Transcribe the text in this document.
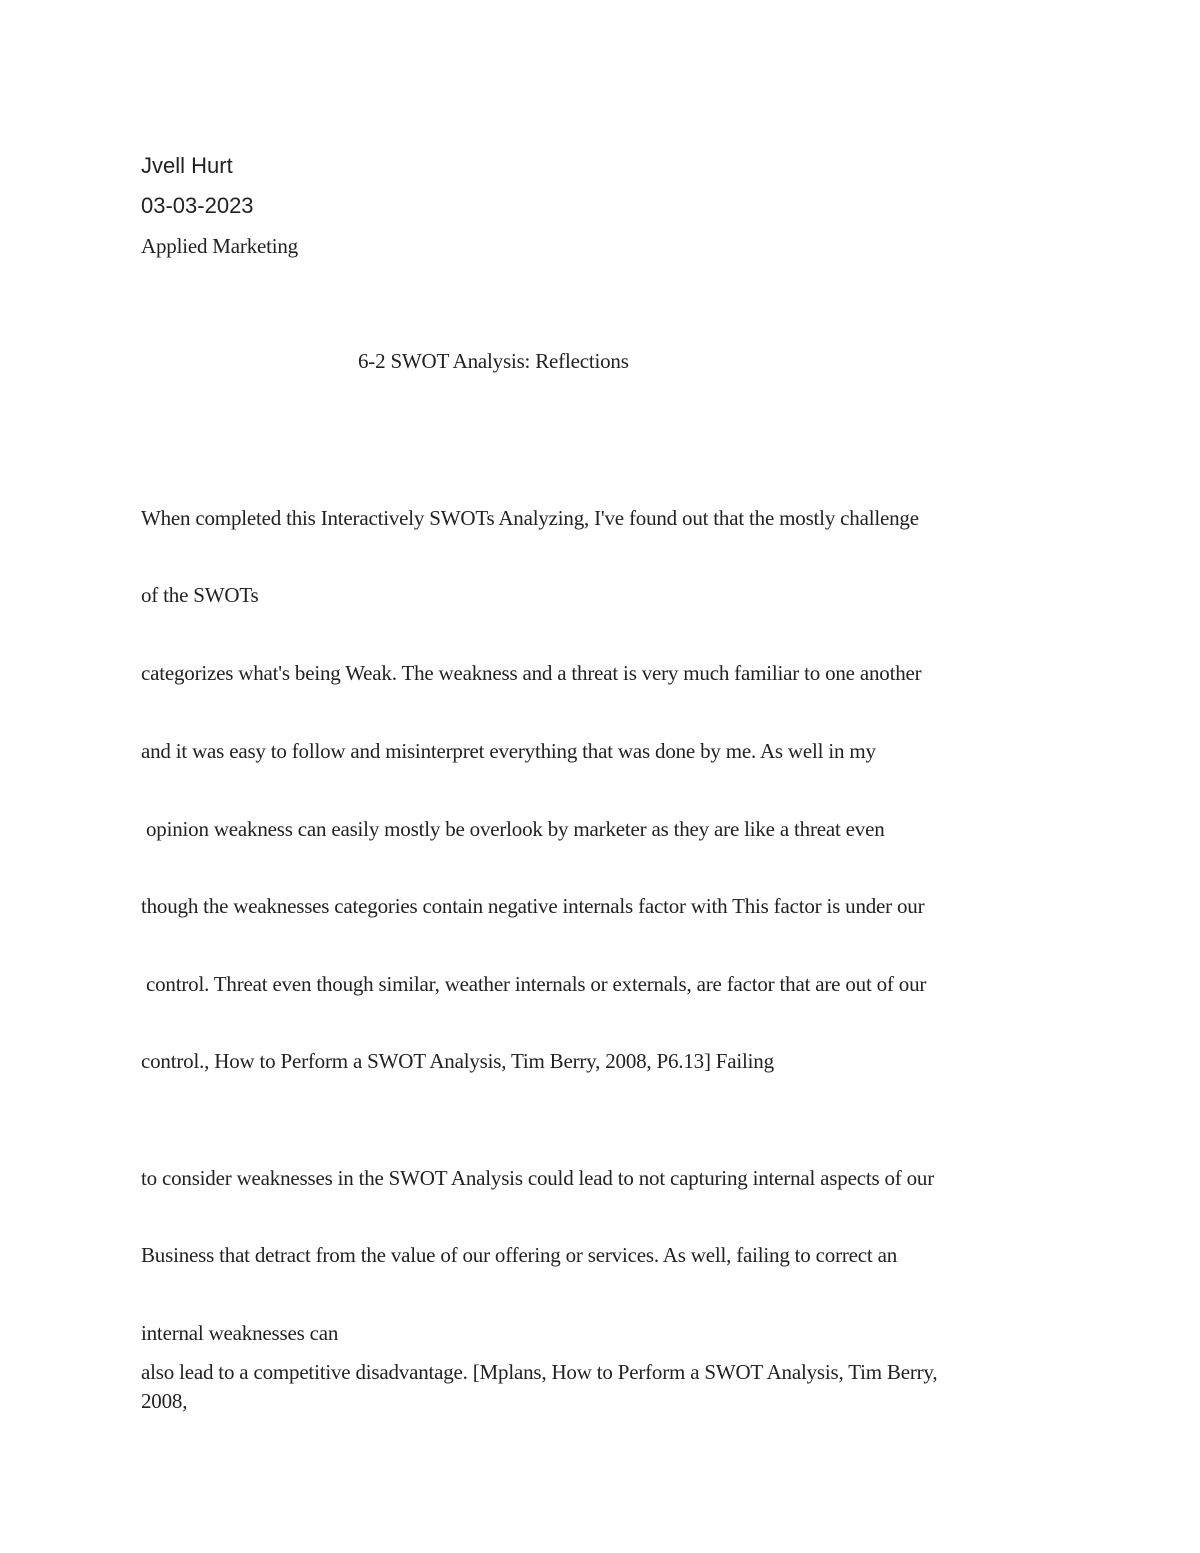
Jvell Hurt
03-03-2023
Applied Marketing
6-2 SWOT Analysis: Reflections
When completed this Interactively SWOTs Analyzing, I've found out that the mostly challenge
of the SWOTs
categorizes what's being Weak. The weakness and a threat is very much familiar to one another
and it was easy to follow and misinterpret everything that was done by me. As well in my
opinion weakness can easily mostly be overlook by marketer as they are like a threat even
though the weaknesses categories contain negative internals factor with This factor is under our
control. Threat even though similar, weather internals or externals, are factor that are out of our
control., How to Perform a SWOT Analysis, Tim Berry, 2008, P6.13] Failing
to consider weaknesses in the SWOT Analysis could lead to not capturing internal aspects of our
Business that detract from the value of our offering or services. As well, failing to correct an
internal weaknesses can
also lead to a competitive disadvantage. [Mplans, How to Perform a SWOT Analysis, Tim Berry,
2008,
